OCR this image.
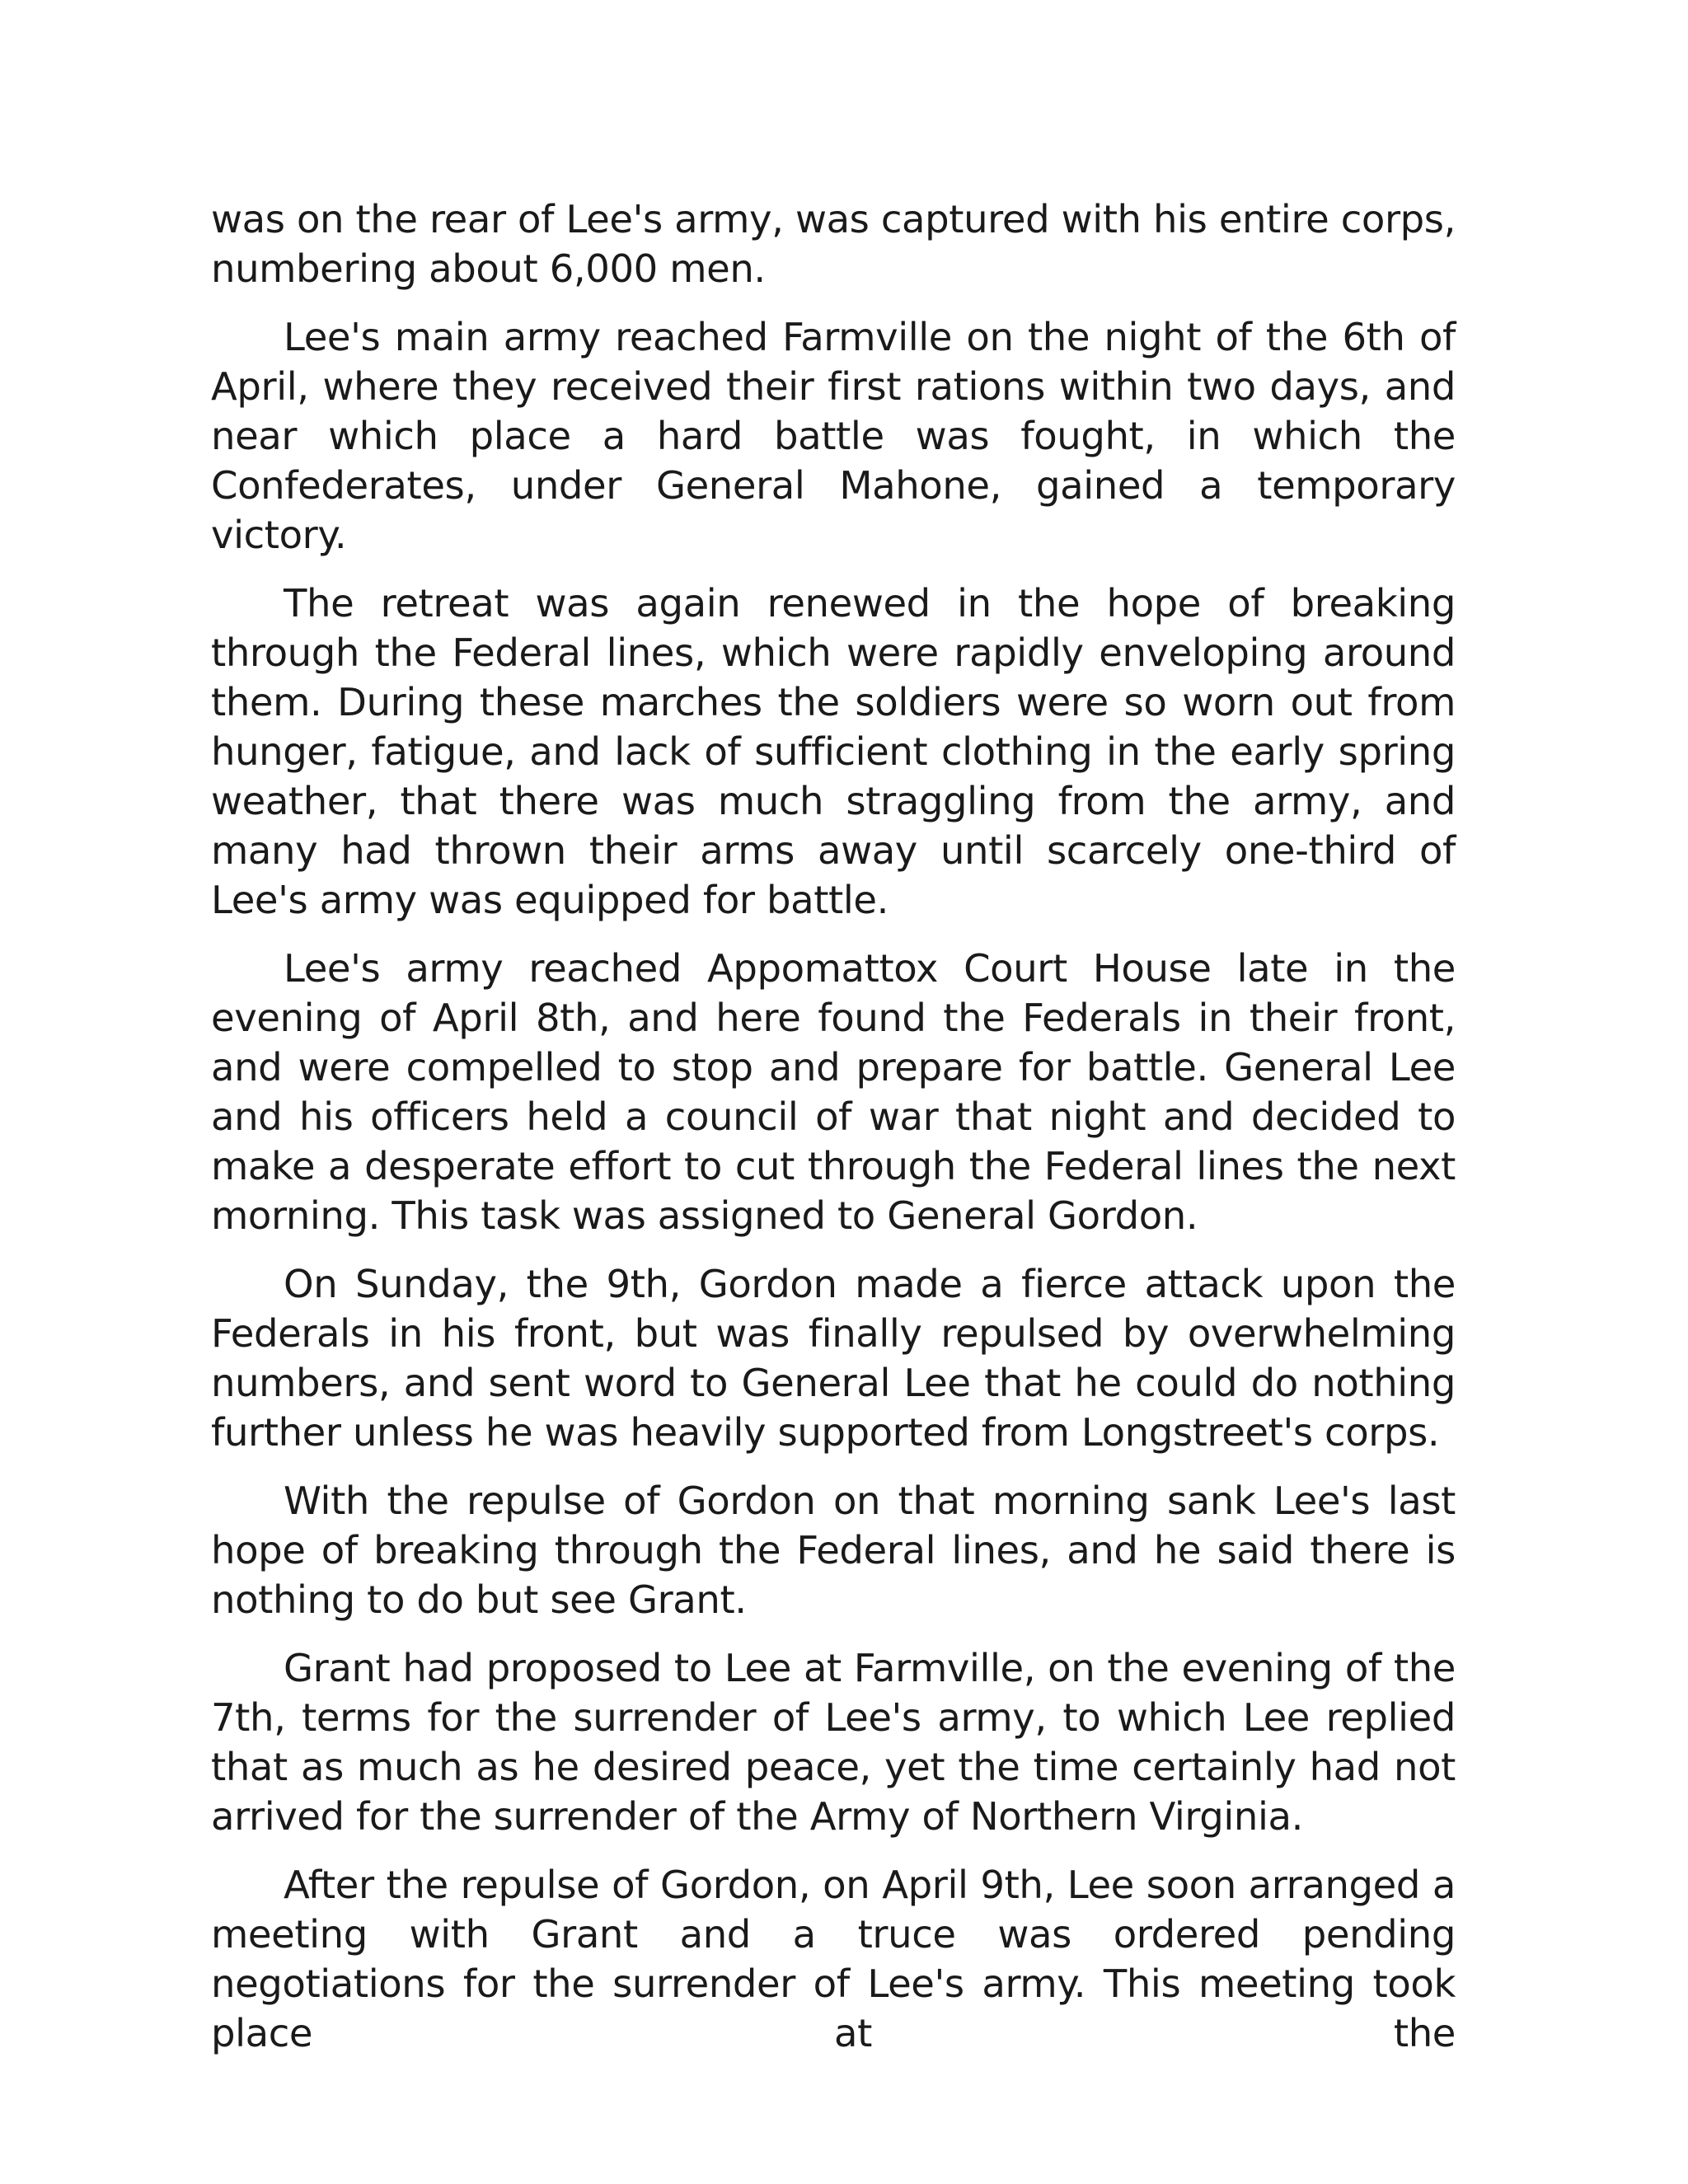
was on the rear of Lee's army, was captured with his entire corps, numbering about 6,000 men.

Lee's main army reached Farmville on the night of the 6th of April, where they received their first rations within two days, and near which place a hard battle was fought, in which the Confederates, under General Mahone, gained a temporary victory.

The retreat was again renewed in the hope of breaking through the Federal lines, which were rapidly enveloping around them. During these marches the soldiers were so worn out from hunger, fatigue, and lack of sufficient clothing in the early spring weather, that there was much straggling from the army, and many had thrown their arms away until scarcely one-third of Lee's army was equipped for battle.

Lee's army reached Appomattox Court House late in the evening of April 8th, and here found the Federals in their front, and were compelled to stop and prepare for battle. General Lee and his officers held a council of war that night and decided to make a desperate effort to cut through the Federal lines the next morning. This task was assigned to General Gordon.

On Sunday, the 9th, Gordon made a fierce attack upon the Federals in his front, but was finally repulsed by overwhelming numbers, and sent word to General Lee that he could do nothing further unless he was heavily supported from Longstreet's corps.

With the repulse of Gordon on that morning sank Lee's last hope of breaking through the Federal lines, and he said there is nothing to do but see Grant.

Grant had proposed to Lee at Farmville, on the evening of the 7th, terms for the surrender of Lee's army, to which Lee replied that as much as he desired peace, yet the time certainly had not arrived for the surrender of the Army of Northern Virginia.

After the repulse of Gordon, on April 9th, Lee soon arranged a meeting with Grant and a truce was ordered pending negotiations for the surrender of Lee's army. This meeting took place at the
